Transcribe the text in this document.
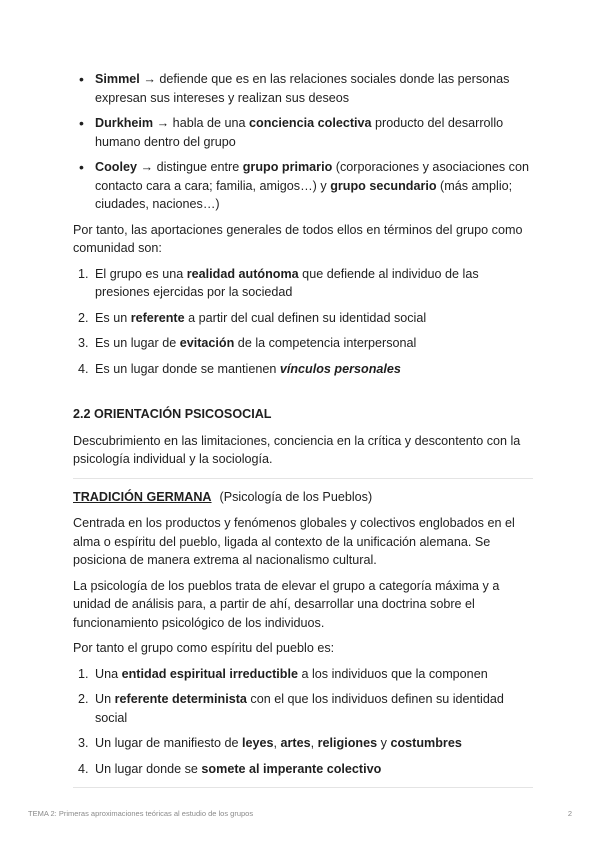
• Simmel → defiende que es en las relaciones sociales donde las personas expresan sus intereses y realizan sus deseos
• Durkheim → habla de una conciencia colectiva producto del desarrollo humano dentro del grupo
• Cooley → distingue entre grupo primario (corporaciones y asociaciones con contacto cara a cara; familia, amigos…) y grupo secundario (más amplio; ciudades, naciones…)

Por tanto, las aportaciones generales de todos ellos en términos del grupo como comunidad son:

1. El grupo es una realidad autónoma que defiende al individuo de las presiones ejercidas por la sociedad
2. Es un referente a partir del cual definen su identidad social
3. Es un lugar de evitación de la competencia interpersonal
4. Es un lugar donde se mantienen vínculos personales
2.2 ORIENTACIÓN PSICOSOCIAL

Descubrimiento en las limitaciones, conciencia en la crítica y descontento con la psicología individual y la sociología.

TRADICIÓN GERMANA (Psicología de los Pueblos)

Centrada en los productos y fenómenos globales y colectivos englobados en el alma o espíritu del pueblo, ligada al contexto de la unificación alemana. Se posiciona de manera extrema al nacionalismo cultural.

La psicología de los pueblos trata de elevar el grupo a categoría máxima y a unidad de análisis para, a partir de ahí, desarrollar una doctrina sobre el funcionamiento psicológico de los individuos.

Por tanto el grupo como espíritu del pueblo es:

1. Una entidad espiritual irreductible a los individuos que la componen
2. Un referente determinista con el que los individuos definen su identidad social
3. Un lugar de manifiesto de leyes, artes, religiones y costumbres
4. Un lugar donde se somete al imperante colectivo
TEMA 2: Primeras aproximaciones teóricas al estudio de los grupos	2
